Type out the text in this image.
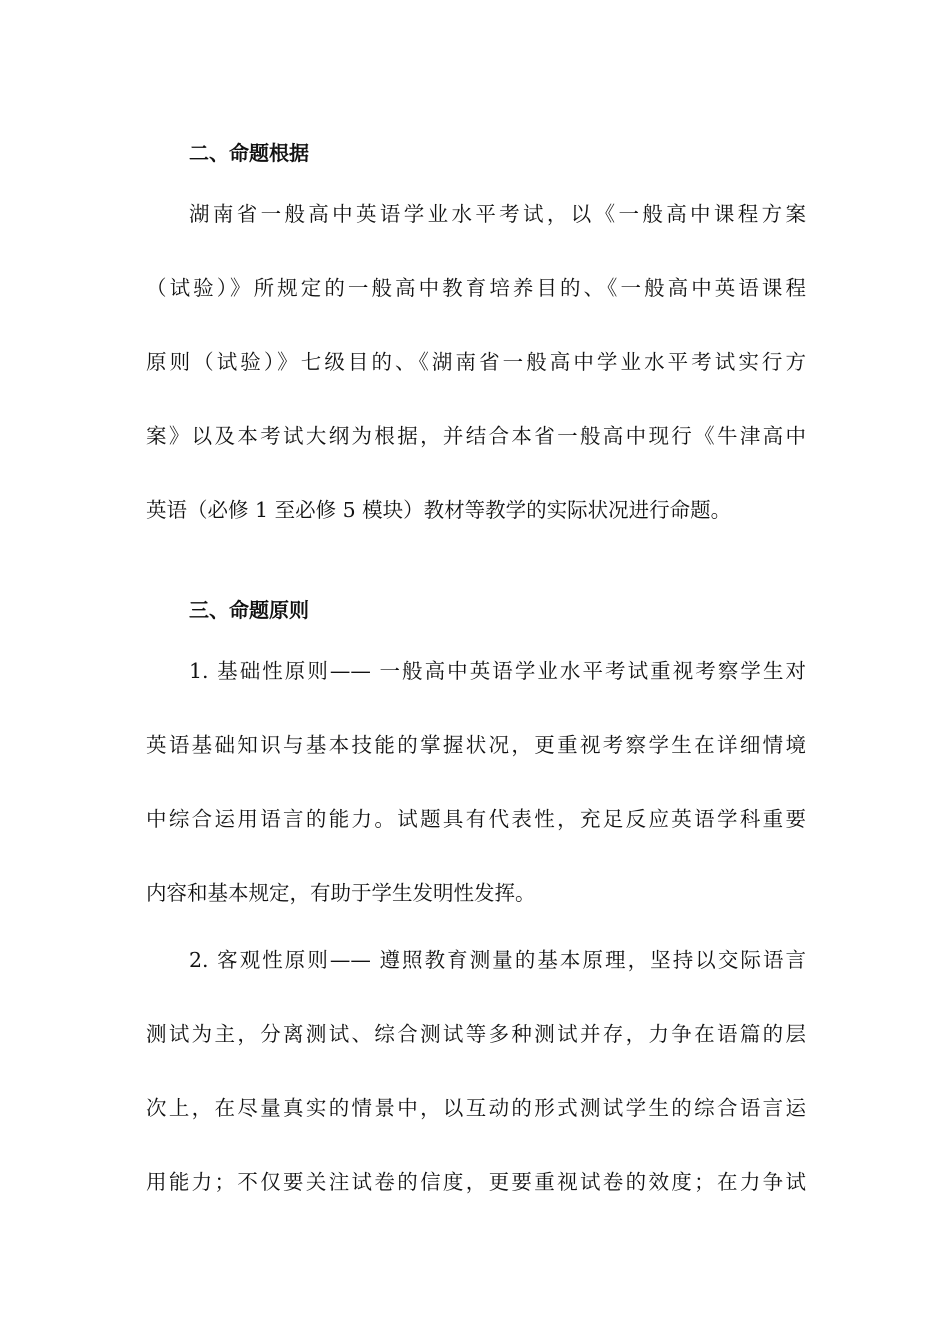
二、命题根据
湖南省一般高中英语学业水平考试，以《一般高中课程方案
（试验）》所规定的一般高中教育培养目的、《一般高中英语课程
原则（试验）》七级目的、《湖南省一般高中学业水平考试实行方
案》以及本考试大纲为根据，并结合本省一般高中现行《牛津高中
英语（必修 1 至必修 5 模块）教材等教学的实际状况进行命题。
三、命题原则
1. 基础性原则—— 一般高中英语学业水平考试重视考察学生对
英语基础知识与基本技能的掌握状况，更重视考察学生在详细情境
中综合运用语言的能力。试题具有代表性，充足反应英语学科重要
内容和基本规定，有助于学生发明性发挥。
2. 客观性原则—— 遵照教育测量的基本原理，坚持以交际语言
测试为主，分离测试、综合测试等多种测试并存，力争在语篇的层
次上，在尽量真实的情景中，以互动的形式测试学生的综合语言运
用能力；不仅要关注试卷的信度，更要重视试卷的效度；在力争试
